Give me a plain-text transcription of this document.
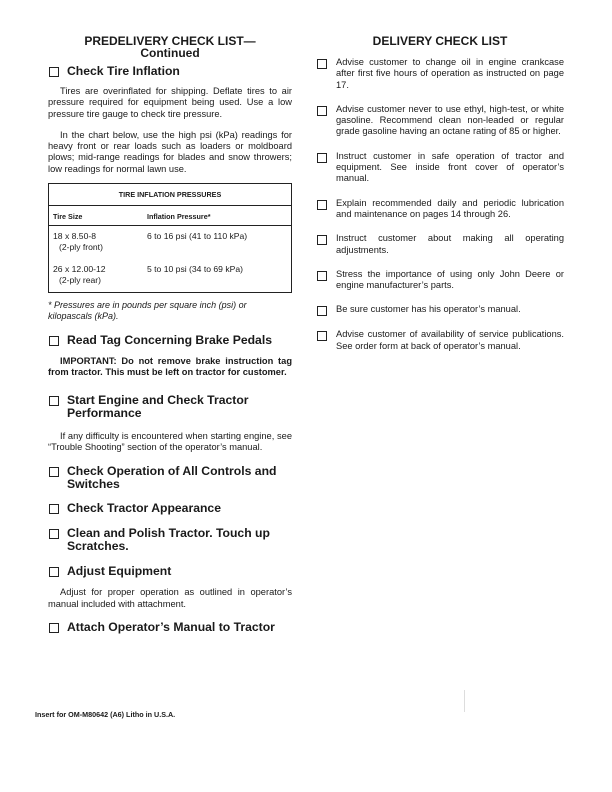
PREDELIVERY CHECK LIST—
Continued
Check Tire Inflation
Tires are overinflated for shipping. Deflate tires to air pressure required for equipment being used. Use a low pressure tire gauge to check tire pressure.
In the chart below, use the high psi (kPa) readings for heavy front or rear loads such as loaders or moldboard plows; mid-range readings for blades and snow throwers; low readings for normal lawn use.
TIRE INFLATION PRESSURES
Tire Size	Inflation Pressure*
18 x 8.50-8
(2-ply front)
6 to 16 psi (41 to 110 kPa)
26 x 12.00-12
(2-ply rear)
5 to 10 psi (34 to 69 kPa)
* Pressures are in pounds per square inch (psi) or kilopascals (kPa).
Read Tag Concerning Brake Pedals
IMPORTANT: Do not remove brake instruction tag from tractor. This must be left on tractor for customer.
Start Engine and Check Tractor Performance
If any difficulty is encountered when starting engine, see “Trouble Shooting” section of the operator’s manual.
Check Operation of All Controls and Switches
Check Tractor Appearance
Clean and Polish Tractor. Touch up Scratches.
Adjust Equipment
Adjust for proper operation as outlined in operator’s manual included with attachment.
Attach Operator’s Manual to Tractor
DELIVERY CHECK LIST
Advise customer to change oil in engine crankcase after first five hours of operation as instructed on page 17.
Advise customer never to use ethyl, high-test, or white gasoline. Recommend clean non-leaded or regular grade gasoline having an octane rating of 85 or higher.
Instruct customer in safe operation of tractor and equipment. See inside front cover of operator’s manual.
Explain recommended daily and periodic lubrication and maintenance on pages 14 through 26.
Instruct customer about making all operating adjustments.
Stress the importance of using only John Deere or engine manufacturer’s parts.
Be sure customer has his operator’s manual.
Advise customer of availability of service publications. See order form at back of operator’s manual.
Insert for OM-M80642 (A6) Litho in U.S.A.
